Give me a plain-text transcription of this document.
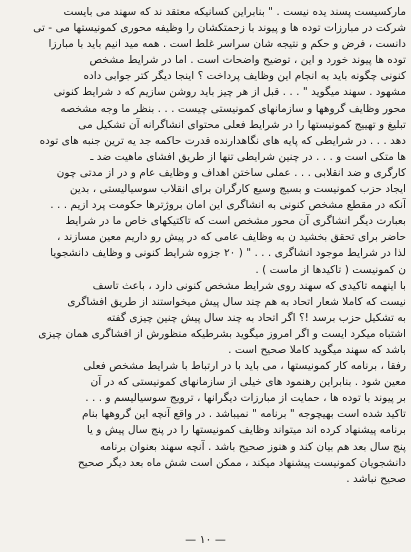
مارکسیست پسند یده نیست . " بنابراین کسانیکه معتقد ند که سهند می بایست
شرکت در مبارزات توده ها و پیوند با زحمتکشان را وظیفه محوری کمونیستها می - تی
دانست ، فرض و حکم و نتیجه شان سراسر غلط است . همه مید انیم باید با مبارزا
توده ها پیوند خورد و این ، توضیح واضحات است . اما در شرایط مشخص
کنونی چگونه باید به انجام این وظایف پرداخت ؟ اینجا دیگر کتر جوابی داده
مشهود . سهند میگوید " . . . قبل از هر چیز باید روشن سازیم که د شرایط کنونی
محور وظایف گروهها و سازمانهای کمونیستی چیست . . . بنظر ما وجه مشخصه
تبلیغ و تهییج کمونیستها را در شرایط فعلی محتوای انشاگرانه آن تشکیل می
دهد . . . در شرایطی که پایه های نگاهدارنده قدرت حاکمه جد یه ترین جنبه های توده
ها متکی است و . . . در چنین شرایطی تنها از طریق افشای ماهیت ضد ـ
کارگری و ضد انقلابی . . . عملی ساختن اهداف و وظایف عام و در از مدتی چون
ایجاد حزب کمونیست و بسیج وسیع کارگران برای انقلاب سوسیالیستی ، بدین
آنکه در مقطع مشخص کنونی به انشاگری این امان بروژترها حکومت پرد ازیم . . .
بعبارت دیگر انشاگری آن محور مشخص است که تاکتیکهای خاص ما در شرایط
حاضر برای تحقق بخشید ن به وظایف عامی که در پیش رو داریم معین مسازند ،
لذا در شرایط موجود انشاگری . . . " ( ۲۰ جزوه شرایط کنونی و وظایف دانشجویا
ن کمونیست ( تاکیدها از ماست ) .
با اینهمه تاکیدی که سهند روی شرایط مشخص کنونی دارد ، باعث تاسف
نیست که کاملا شعار اتحاد به هم چند سال پیش میخواستند از طریق افشاگری
به تشکیل حزب برسد !؟ اگر اتحاد به چند سال پیش چنین چیزی گفته
اشتباه میکرد ایست و اگر امروز میگوید بشرطیکه منظورش از افشاگری همان چیزی
باشد که سهند میگوید کاملا صحیح است .
رفقا ، برنامه کار کمونیستها ، می باید با در ارتباط با شرایط مشخص فعلی
معین شود . بنابراین رهنمود های خیلی از سازمانهای کمونیستی که در آن
بر پیوند با توده ها ، حمایت از مبارزات دیگرانها ، ترویج سوسیالیسم و . . .
تاکید شده است بهیچوجه " برنامه " نمیباشد . در واقع آنچه این گروهها بنام
برنامه پیشنهاد کرده اند میتواند وظایف کمونیستها را در پنج سال پیش و یا
پنج سال بعد هم بیان کند و هنوز صحیح باشد . آنچه سهند بعنوان برنامه
دانشجویان کمونیست پیشنهاد میکند ، ممکن است شش ماه بعد دیگر صحیح
صحیح نباشد .
— ۱۰ —
